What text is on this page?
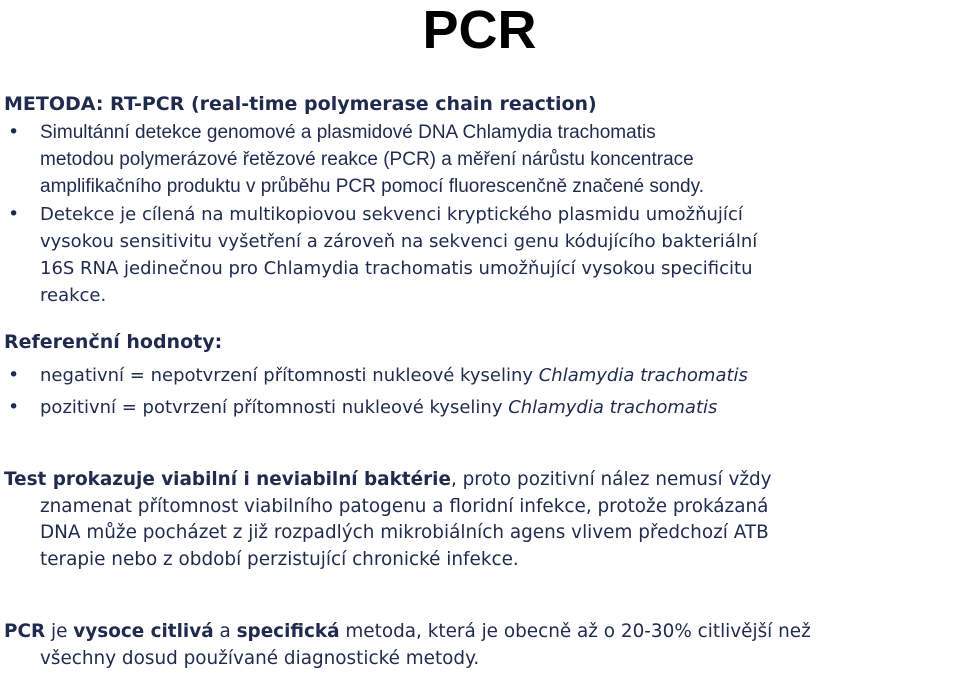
PCR

METODA: RT-PCR (real-time polymerase chain reaction)

• Simultánní detekce genomové a plasmidové DNA Chlamydia trachomatis
metodou polymerázové řetězové reakce (PCR) a měření nárůstu koncentrace
amplifikačního produktu v průběhu PCR pomocí fluorescenčně značené sondy.
• Detekce je cílená na multikopiovou sekvenci kryptického plasmidu umožňující
vysokou sensitivitu vyšetření a zároveň na sekvenci genu kódujícího bakteriální
16S RNA jedinečnou pro Chlamydia trachomatis umožňující vysokou specificitu
reakce.

Referenční hodnoty:

• negativní = nepotvrzení přítomnosti nukleové kyseliny Chlamydia trachomatis
• pozitivní = potvrzení přítomnosti nukleové kyseliny Chlamydia trachomatis
Test prokazuje viabilní i neviabilní baktérie, proto pozitivní nález nemusí vždy
znamenat přítomnost viabilního patogenu a floridní infekce, protože prokázaná
DNA může pocházet z již rozpadlých mikrobiálních agens vlivem předchozí ATB
terapie nebo z období perzistující chronické infekce.
PCR je vysoce citlivá a specifická metoda, která je obecně až o 20-30% citlivější než
všechny dosud používané diagnostické metody.
